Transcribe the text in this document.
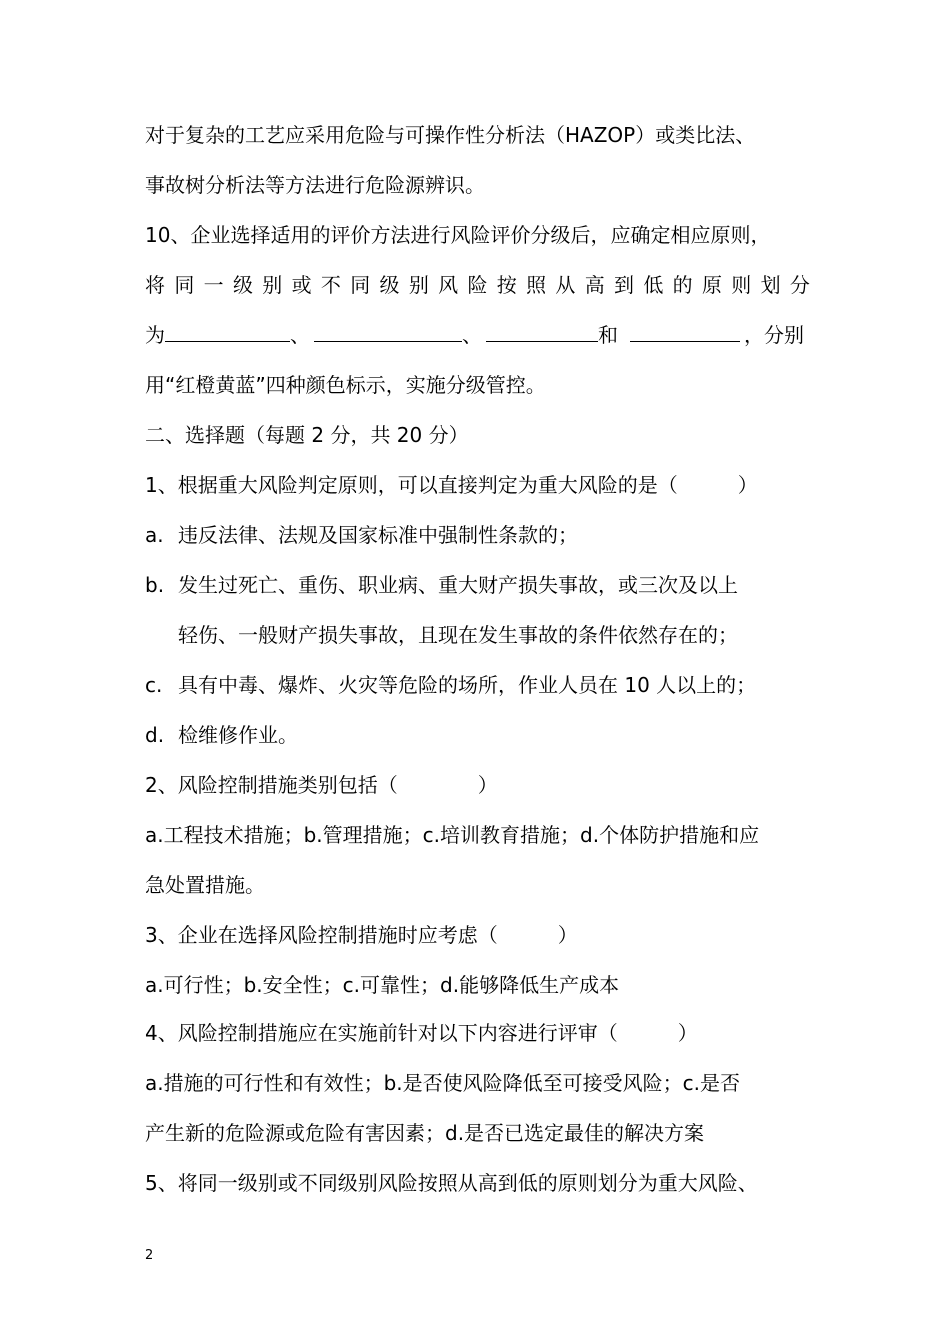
对于复杂的工艺应采用危险与可操作性分析法（HAZOP）或类比法、
事故树分析法等方法进行危险源辨识。
10、企业选择适用的评价方法进行风险评价分级后，应确定相应原则，
将 同 一 级 别 或 不 同 级 别 风 险 按 照 从 高 到 低 的 原 则 划 分
为	、	、	和	，分别
用“红橙黄蓝”四种颜色标示，实施分级管控。
二、选择题（每题 2 分，共 20 分）
1、根据重大风险判定原则，可以直接判定为重大风险的是（　　　）
a. 违反法律、法规及国家标准中强制性条款的；
b. 发生过死亡、重伤、职业病、重大财产损失事故，或三次及以上
轻伤、一般财产损失事故，且现在发生事故的条件依然存在的；
c. 具有中毒、爆炸、火灾等危险的场所，作业人员在 10 人以上的；
d. 检维修作业。
2、风险控制措施类别包括（　　　　）
a.工程技术措施；b.管理措施；c.培训教育措施；d.个体防护措施和应
急处置措施。
3、企业在选择风险控制措施时应考虑（　　　）
a.可行性；b.安全性；c.可靠性；d.能够降低生产成本
4、风险控制措施应在实施前针对以下内容进行评审（　　　）
a.措施的可行性和有效性；b.是否使风险降低至可接受风险；c.是否
产生新的危险源或危险有害因素；d.是否已选定最佳的解决方案
5、将同一级别或不同级别风险按照从高到低的原则划分为重大风险、
2
